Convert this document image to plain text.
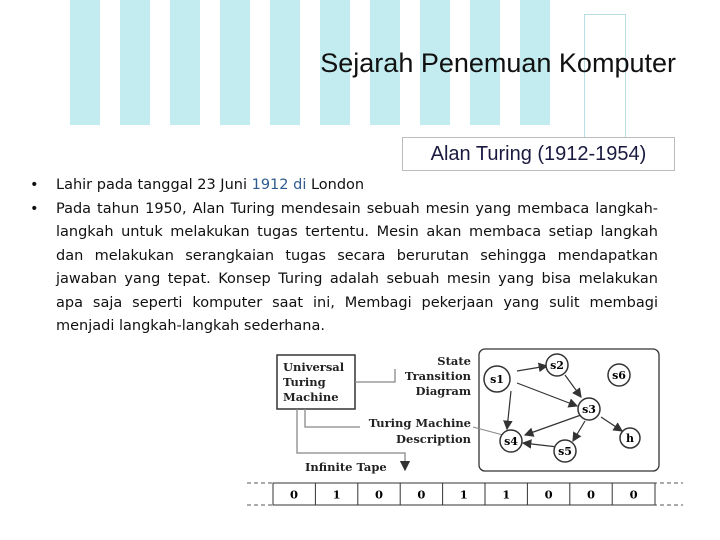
Sejarah Penemuan Komputer
Alan Turing (1912-1954)
• Lahir pada tanggal 23 Juni 1912 di London
• Pada tahun 1950, Alan Turing mendesain sebuah mesin yang membaca langkah-langkah untuk melakukan tugas tertentu. Mesin akan membaca setiap langkah dan melakukan serangkaian tugas secara berurutan sehingga mendapatkan jawaban yang tepat. Konsep Turing adalah sebuah mesin yang bisa melakukan apa saja seperti komputer saat ini, Membagi pekerjaan yang sulit membagi menjadi langkah-langkah sederhana.
Universal
Turing
Machine
State
Transition
Diagram
Turing Machine
Description
s1
s2
s6
s3
s4
s5
h
Infinite Tape
0	1	0	0	1	1	0	0	0
